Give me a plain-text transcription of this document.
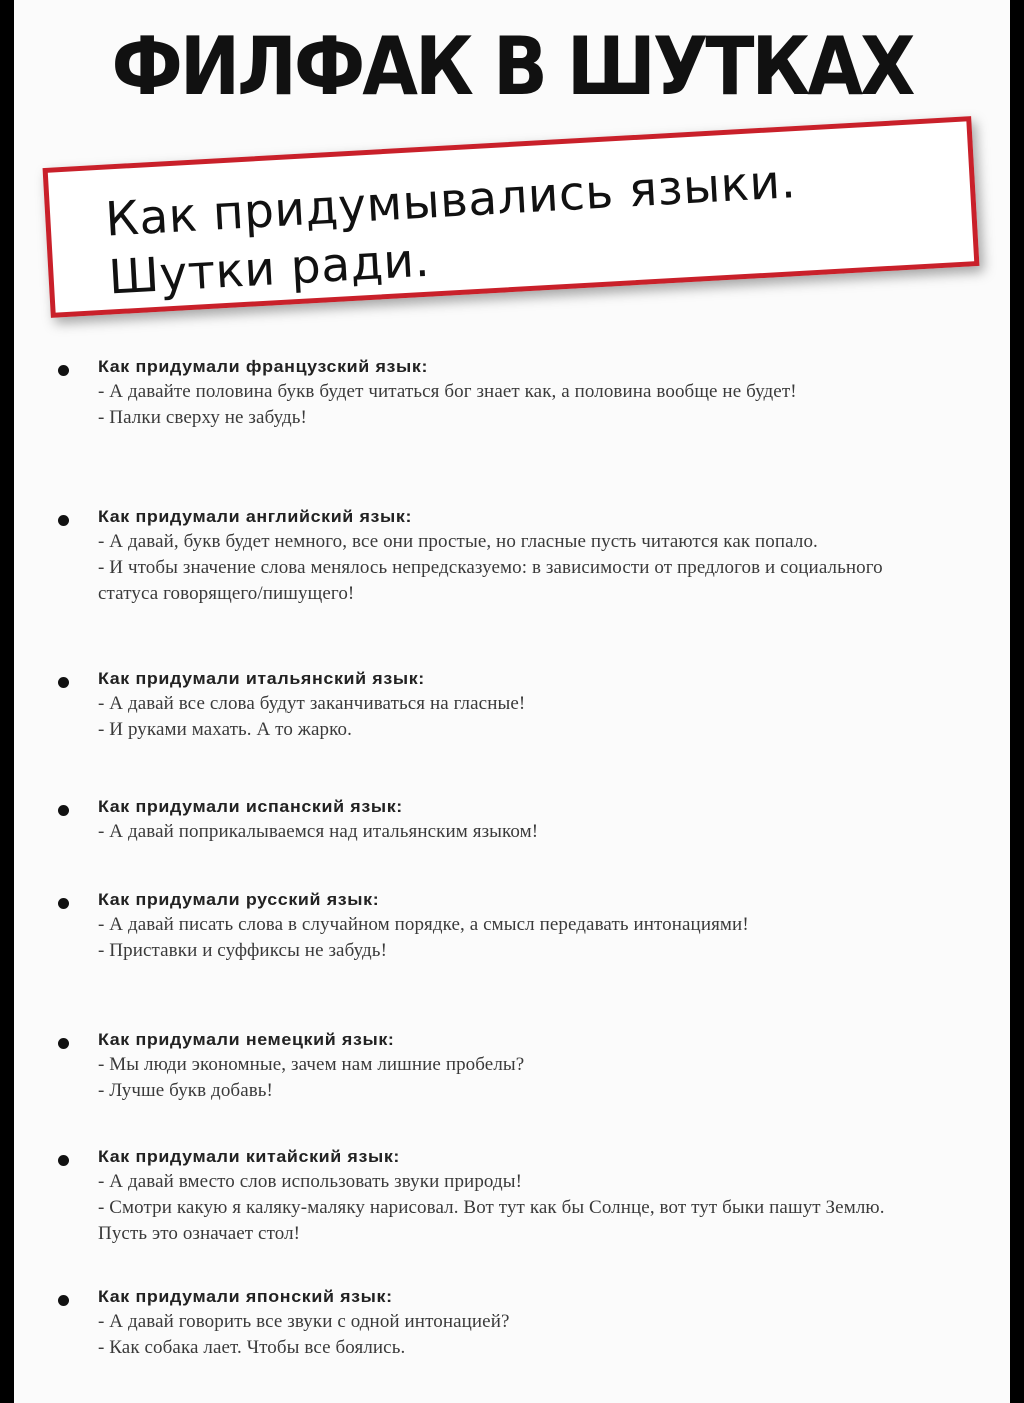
ФИЛФАК В ШУТКАХ
Как придумывались языки.
Шутки ради.
Как придумали французский язык:
- А давайте половина букв будет читаться бог знает как, а половина вообще не будет!
- Палки сверху не забудь!
Как придумали английский язык:
- А давай, букв будет немного, все они простые, но гласные пусть читаются как попало.
- И чтобы значение слова менялось непредсказуемо: в зависимости от предлогов и социального статуса говорящего/пишущего!
Как придумали итальянский язык:
- А давай все слова будут заканчиваться на гласные!
- И руками махать. А то жарко.
Как придумали испанский язык:
- А давай поприкалываемся над итальянским языком!
Как придумали русский язык:
- А давай писать слова в случайном порядке, а смысл передавать интонациями!
- Приставки и суффиксы не забудь!
Как придумали немецкий язык:
- Мы люди экономные, зачем нам лишние пробелы?
- Лучше букв добавь!
Как придумали китайский язык:
- А давай вместо слов использовать звуки природы!
- Смотри какую я каляку-маляку нарисовал. Вот тут как бы Солнце, вот тут быки пашут Землю. Пусть это означает стол!
Как придумали японский язык:
- А давай говорить все звуки с одной интонацией?
- Как собака лает. Чтобы все боялись.
